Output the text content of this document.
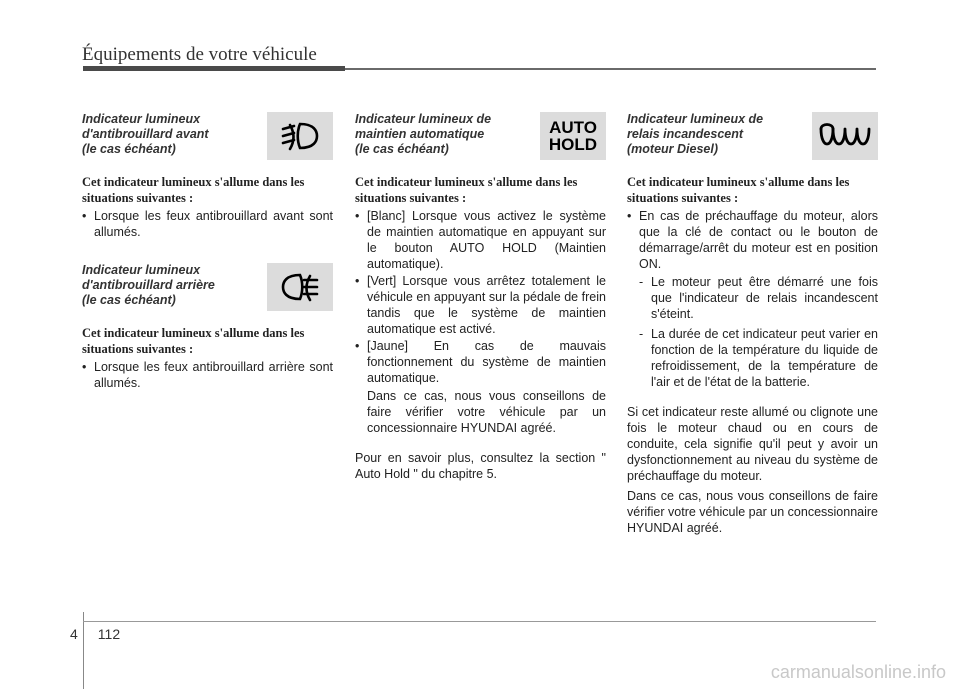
Équipements de votre véhicule
Indicateur lumineux
d'antibrouillard avant
(le cas échéant)

Cet indicateur lumineux s'allume dans les situations suivantes :

• Lorsque les feux antibrouillard avant sont allumés.
Indicateur lumineux
d'antibrouillard arrière
(le cas échéant)

Cet indicateur lumineux s'allume dans les situations suivantes :

• Lorsque les feux antibrouillard arrière sont allumés.
Indicateur lumineux de
maintien automatique
(le cas échéant)
AUTO
HOLD

Cet indicateur lumineux s'allume dans les situations suivantes :

• [Blanc] Lorsque vous activez le système de maintien automatique en appuyant sur le bouton AUTO HOLD (Maintien automatique).
• [Vert] Lorsque vous arrêtez totalement le véhicule en appuyant sur la pédale de frein tandis que le système de maintien automatique est activé.
• [Jaune] En cas de mauvais fonctionnement du système de maintien automatique.
Dans ce cas, nous vous conseillons de faire vérifier votre véhicule par un concessionnaire HYUNDAI agréé.

Pour en savoir plus, consultez la section " Auto Hold " du chapitre 5.

Indicateur lumineux de
relais incandescent
(moteur Diesel)

Cet indicateur lumineux s'allume dans les situations suivantes :

• En cas de préchauffage du moteur, alors que la clé de contact ou le bouton de démarrage/arrêt du moteur est en position ON.
- Le moteur peut être démarré une fois que l'indicateur de relais incandescent s'éteint.
- La durée de cet indicateur peut varier en fonction de la température du liquide de refroidissement, de la température de l'air et de l'état de la batterie.

Si cet indicateur reste allumé ou clignote une fois le moteur chaud ou en cours de conduite, cela signifie qu'il peut y avoir un dysfonctionnement au niveau du système de préchauffage du moteur.

Dans ce cas, nous vous conseillons de faire vérifier votre véhicule par un concessionnaire HYUNDAI agréé.

4 112
carmanualsonline.info
